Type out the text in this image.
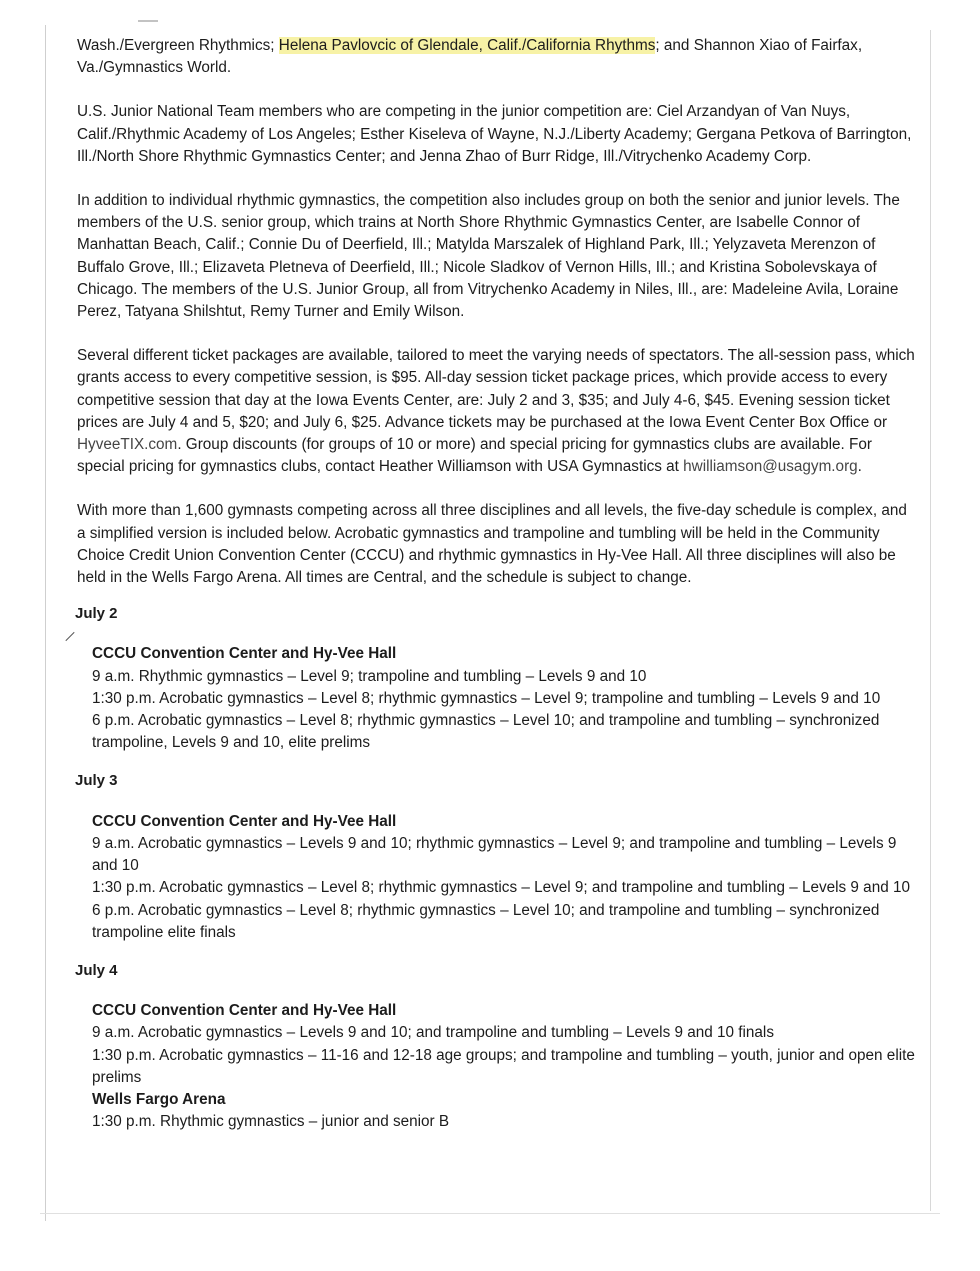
Wash./Evergreen Rhythmics; Helena Pavlovcic of Glendale, Calif./California Rhythms; and Shannon Xiao of Fairfax, Va./Gymnastics World.

U.S. Junior National Team members who are competing in the junior competition are: Ciel Arzandyan of Van Nuys, Calif./Rhythmic Academy of Los Angeles; Esther Kiseleva of Wayne, N.J./Liberty Academy; Gergana Petkova of Barrington, Ill./North Shore Rhythmic Gymnastics Center; and Jenna Zhao of Burr Ridge, Ill./Vitrychenko Academy Corp.

In addition to individual rhythmic gymnastics, the competition also includes group on both the senior and junior levels. The members of the U.S. senior group, which trains at North Shore Rhythmic Gymnastics Center, are Isabelle Connor of Manhattan Beach, Calif.; Connie Du of Deerfield, Ill.; Matylda Marszalek of Highland Park, Ill.; Yelyzaveta Merenzon of Buffalo Grove, Ill.; Elizaveta Pletneva of Deerfield, Ill.; Nicole Sladkov of Vernon Hills, Ill.; and Kristina Sobolevskaya of Chicago. The members of the U.S. Junior Group, all from Vitrychenko Academy in Niles, Ill., are: Madeleine Avila, Loraine Perez, Tatyana Shilshtut, Remy Turner and Emily Wilson.

Several different ticket packages are available, tailored to meet the varying needs of spectators. The all-session pass, which grants access to every competitive session, is $95. All-day session ticket package prices, which provide access to every competitive session that day at the Iowa Events Center, are: July 2 and 3, $35; and July 4-6, $45. Evening session ticket prices are July 4 and 5, $20; and July 6, $25. Advance tickets may be purchased at the Iowa Event Center Box Office or HyveeTIX.com. Group discounts (for groups of 10 or more) and special pricing for gymnastics clubs are available. For special pricing for gymnastics clubs, contact Heather Williamson with USA Gymnastics at hwilliamson@usagym.org.

With more than 1,600 gymnasts competing across all three disciplines and all levels, the five-day schedule is complex, and a simplified version is included below. Acrobatic gymnastics and trampoline and tumbling will be held in the Community Choice Credit Union Convention Center (CCCU) and rhythmic gymnastics in Hy-Vee Hall. All three disciplines will also be held in the Wells Fargo Arena. All times are Central, and the schedule is subject to change.

July 2
CCCU Convention Center and Hy-Vee Hall
9 a.m. Rhythmic gymnastics – Level 9; trampoline and tumbling – Levels 9 and 10
1:30 p.m. Acrobatic gymnastics – Level 8; rhythmic gymnastics – Level 9; trampoline and tumbling – Levels 9 and 10
6 p.m. Acrobatic gymnastics – Level 8; rhythmic gymnastics – Level 10; and trampoline and tumbling – synchronized trampoline, Levels 9 and 10, elite prelims
July 3
CCCU Convention Center and Hy-Vee Hall
9 a.m. Acrobatic gymnastics – Levels 9 and 10; rhythmic gymnastics – Level 9; and trampoline and tumbling – Levels 9 and 10
1:30 p.m. Acrobatic gymnastics – Level 8; rhythmic gymnastics – Level 9; and trampoline and tumbling – Levels 9 and 10
6 p.m. Acrobatic gymnastics – Level 8; rhythmic gymnastics – Level 10; and trampoline and tumbling – synchronized trampoline elite finals
July 4
CCCU Convention Center and Hy-Vee Hall
9 a.m. Acrobatic gymnastics – Levels 9 and 10; and trampoline and tumbling – Levels 9 and 10 finals
1:30 p.m. Acrobatic gymnastics – 11-16 and 12-18 age groups; and trampoline and tumbling – youth, junior and open elite prelims
Wells Fargo Arena
1:30 p.m. Rhythmic gymnastics – junior and senior B
